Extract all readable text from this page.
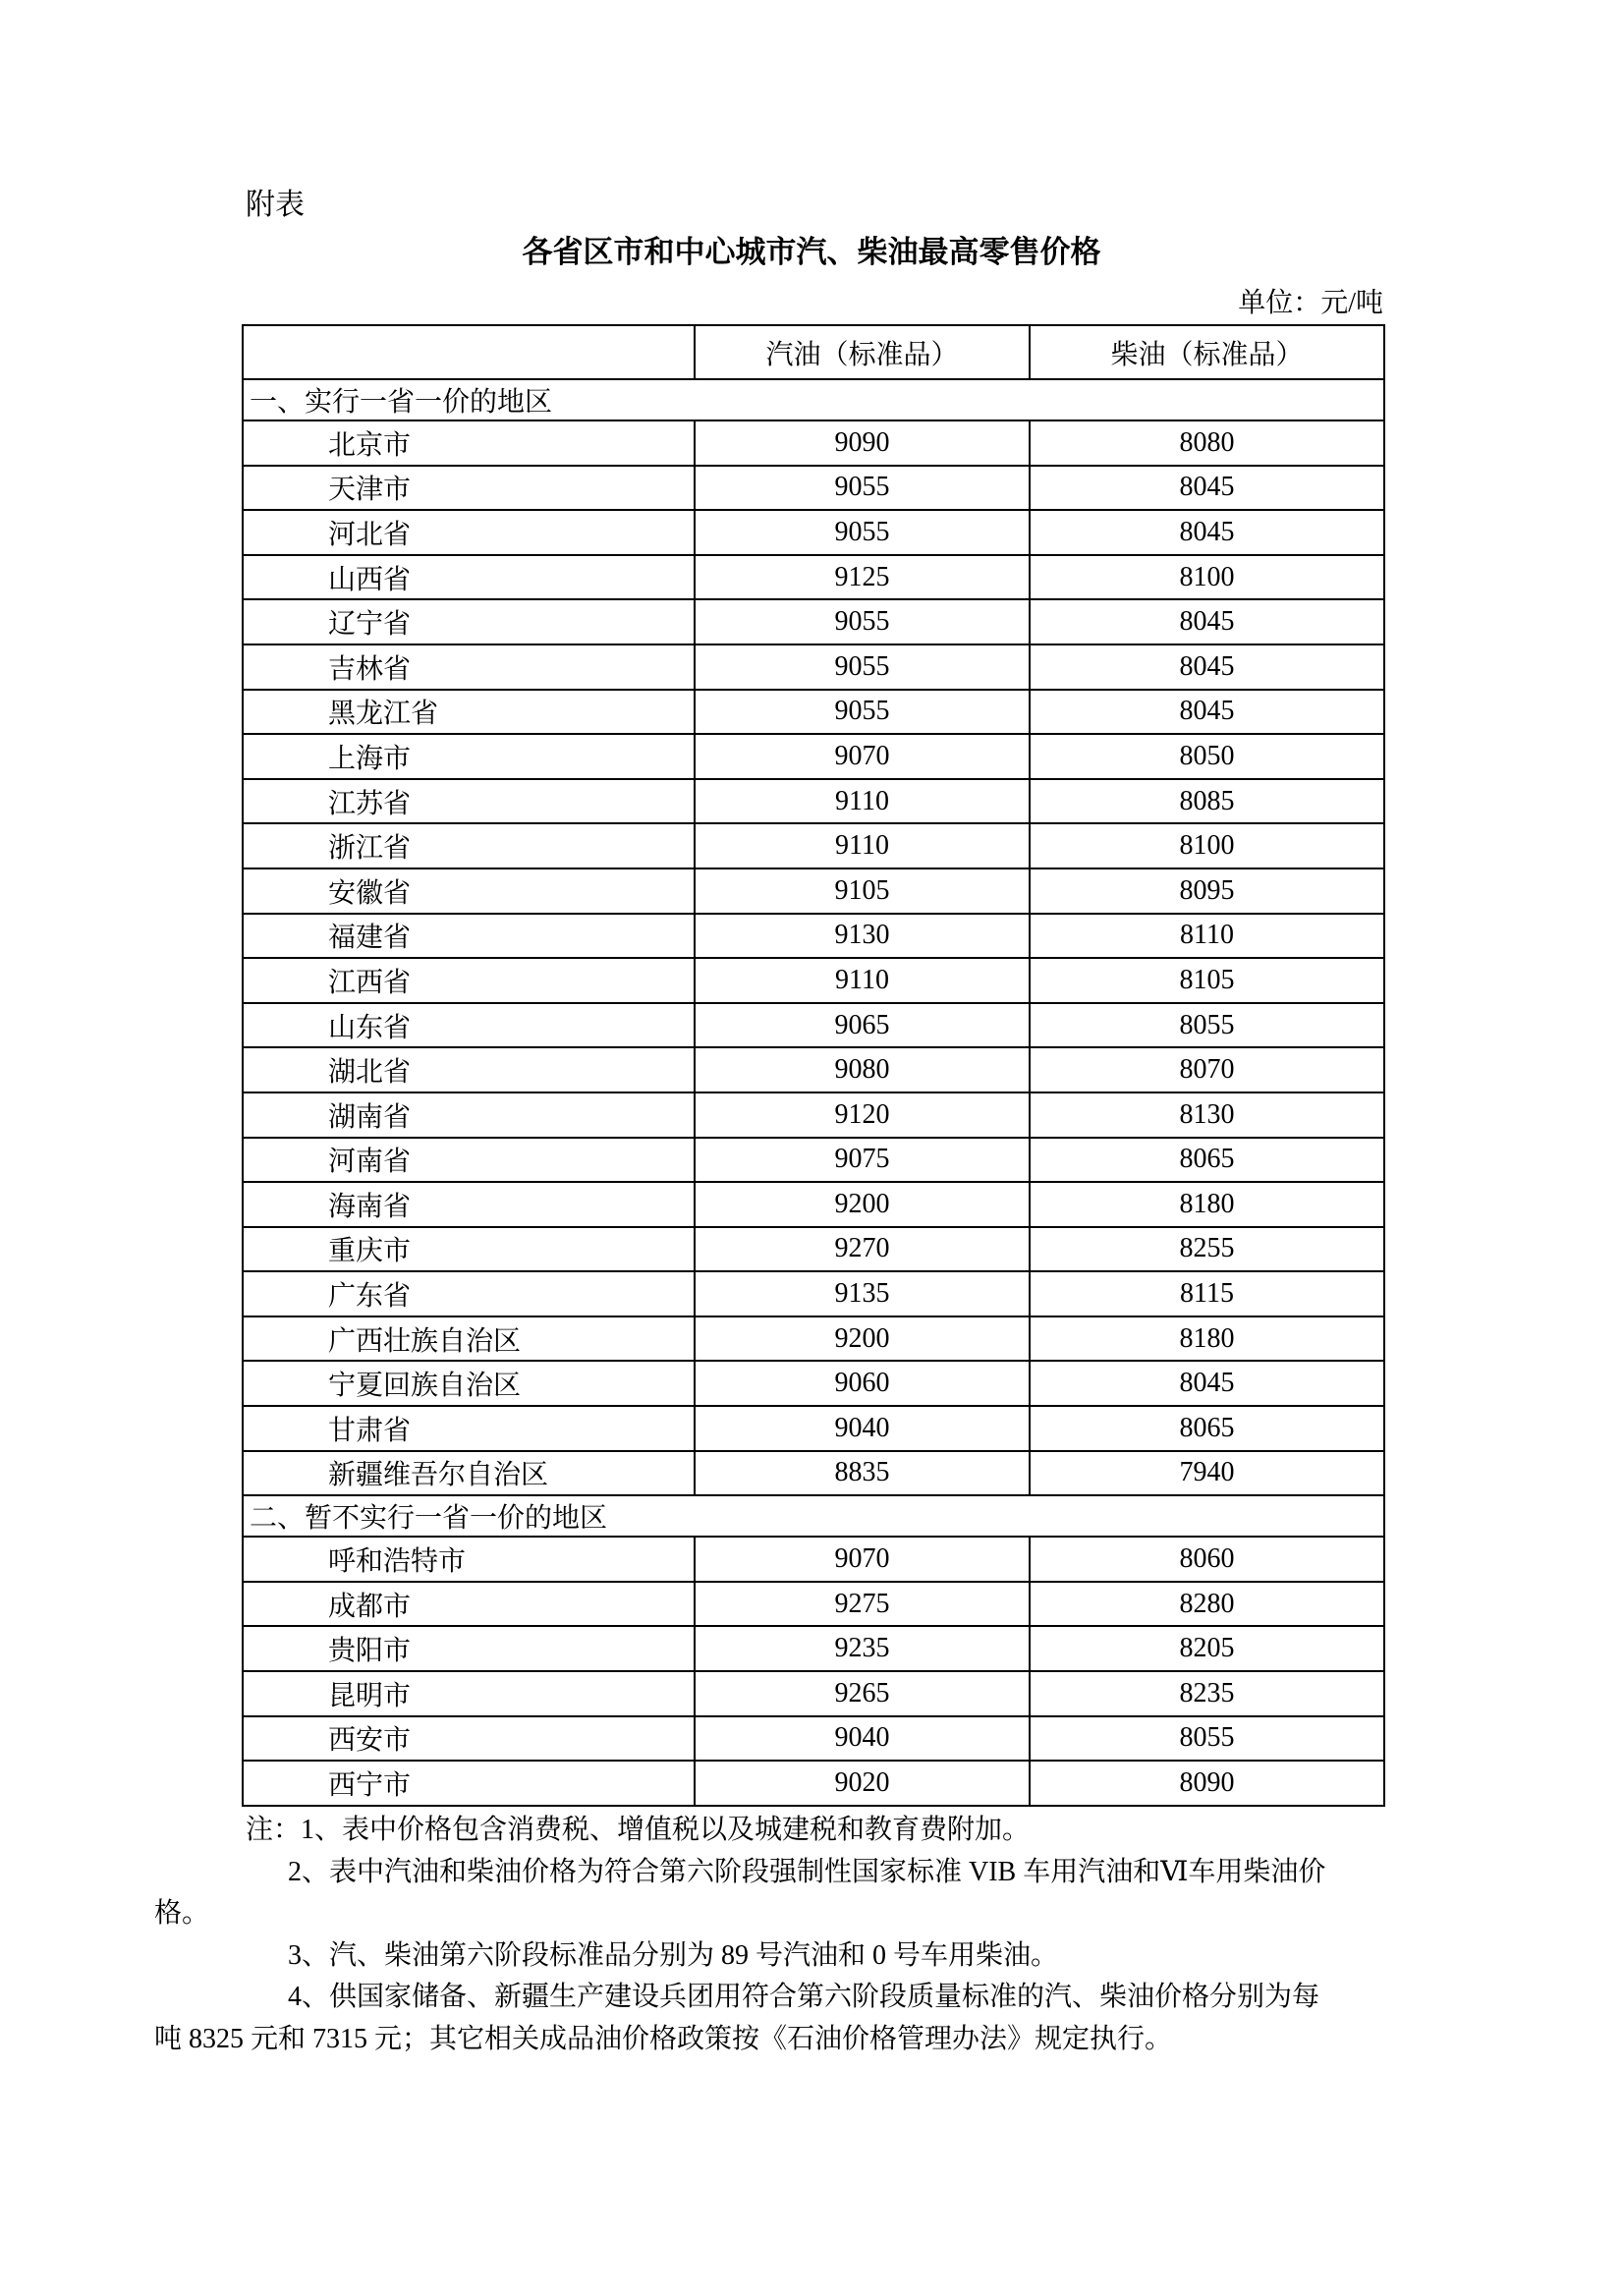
附表
各省区市和中心城市汽、柴油最高零售价格
单位：元/吨
	汽油（标准品）	柴油（标准品）
一、实行一省一价的地区		
北京市	9090	8080
天津市	9055	8045
河北省	9055	8045
山西省	9125	8100
辽宁省	9055	8045
吉林省	9055	8045
黑龙江省	9055	8045
上海市	9070	8050
江苏省	9110	8085
浙江省	9110	8100
安徽省	9105	8095
福建省	9130	8110
江西省	9110	8105
山东省	9065	8055
湖北省	9080	8070
湖南省	9120	8130
河南省	9075	8065
海南省	9200	8180
重庆市	9270	8255
广东省	9135	8115
广西壮族自治区	9200	8180
宁夏回族自治区	9060	8045
甘肃省	9040	8065
新疆维吾尔自治区	8835	7940
二、暂不实行一省一价的地区		
呼和浩特市	9070	8060
成都市	9275	8280
贵阳市	9235	8205
昆明市	9265	8235
西安市	9040	8055
西宁市	9020	8090
注：1、表中价格包含消费税、增值税以及城建税和教育费附加。
2、表中汽油和柴油价格为符合第六阶段强制性国家标准 VIB 车用汽油和Ⅵ车用柴油价
格。
3、汽、柴油第六阶段标准品分别为 89 号汽油和 0 号车用柴油。
4、供国家储备、新疆生产建设兵团用符合第六阶段质量标准的汽、柴油价格分别为每
吨 8325 元和 7315 元；其它相关成品油价格政策按《石油价格管理办法》规定执行。
